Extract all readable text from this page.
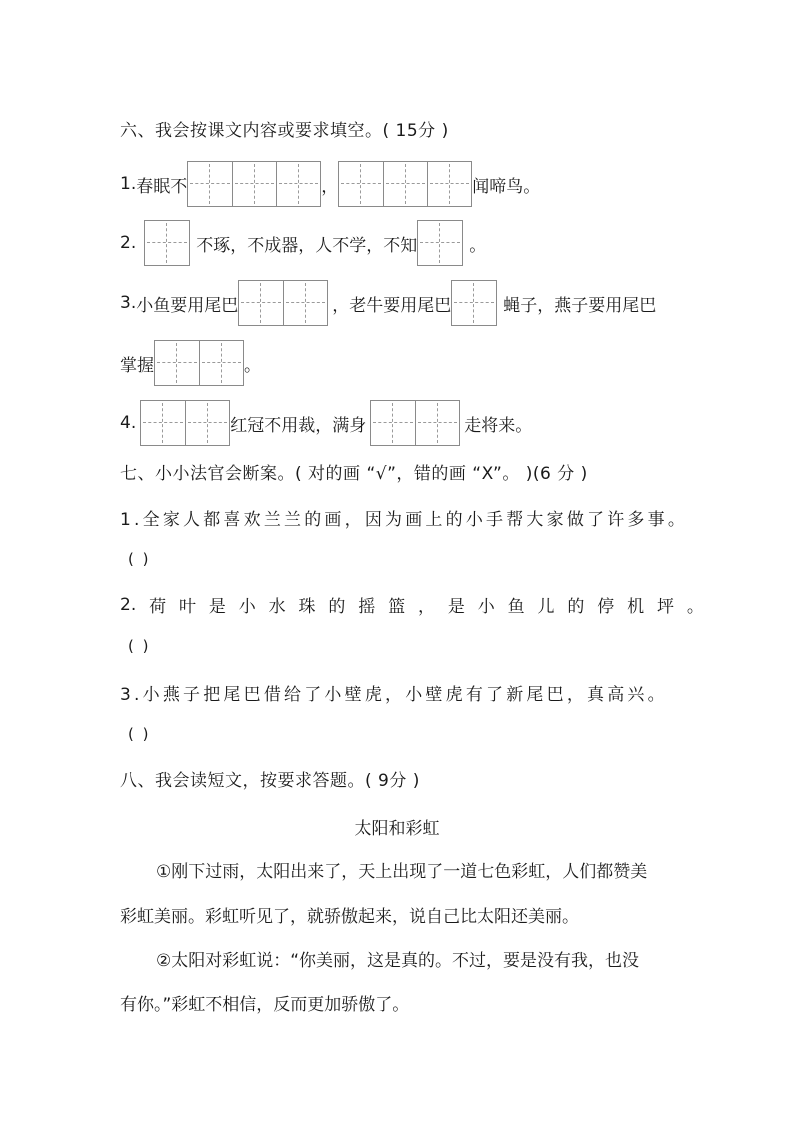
六、我会按课文内容或要求填空。( 15分 )
1. 春眠不	，	闻啼鸟。
2.	不琢，不成器，人不学，不知	。
3. 小鱼要用尾巴	，老牛要用尾巴	蝇子，燕子要用尾巴
掌握	。
4.	红冠不用裁，满身	走将来。
七、小小法官会断案。( 对的画 “√”，错的画 “X”。 )(6 分 )
1.全家人都喜欢兰兰的画，因为画上的小手帮大家做了许多事。
( )
2. 荷 叶 是 小 水 珠 的 摇 篮 ， 是 小 鱼 儿 的 停 机 坪 。
( )
3.小燕子把尾巴借给了小壁虎，小壁虎有了新尾巴，真高兴。
( )
八、我会读短文，按要求答题。( 9分 )
太阳和彩虹
①刚下过雨，太阳出来了，天上出现了一道七色彩虹，人们都赞美
彩虹美丽。彩虹听见了，就骄傲起来，说自己比太阳还美丽。
②太阳对彩虹说：“你美丽，这是真的。不过，要是没有我，也没
有你。”彩虹不相信，反而更加骄傲了。
